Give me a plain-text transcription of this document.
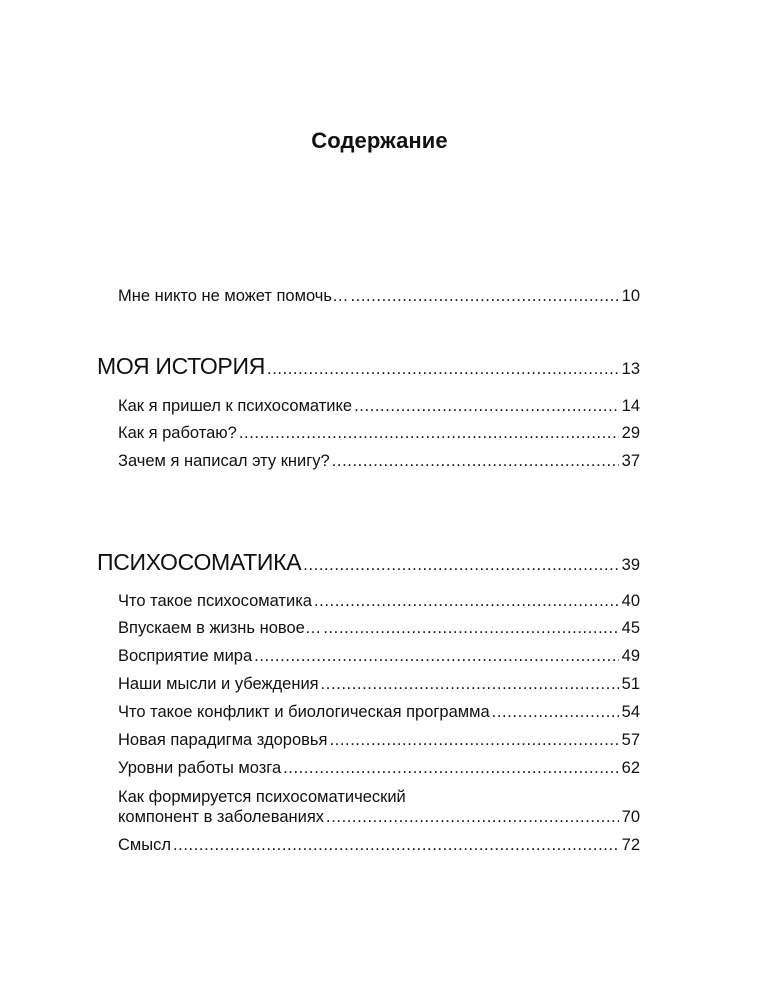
Содержание
Мне никто не может помочь… .....	10
МОЯ ИСТОРИЯ .....	13
Как я пришел к психосоматике .....	14
Как я работаю? .....	29
Зачем я написал эту книгу? .....	37
ПСИХОСОМАТИКА .....	39
Что такое психосоматика .....	40
Впускаем в жизнь новое… .....	45
Восприятие мира .....	49
Наши мысли и убеждения .....	51
Что такое конфликт и биологическая программа .....	54
Новая парадигма здоровья .....	57
Уровни работы мозга .....	62
Как формируется психосоматический
компонент в заболеваниях .....	70
Смысл .....	72
